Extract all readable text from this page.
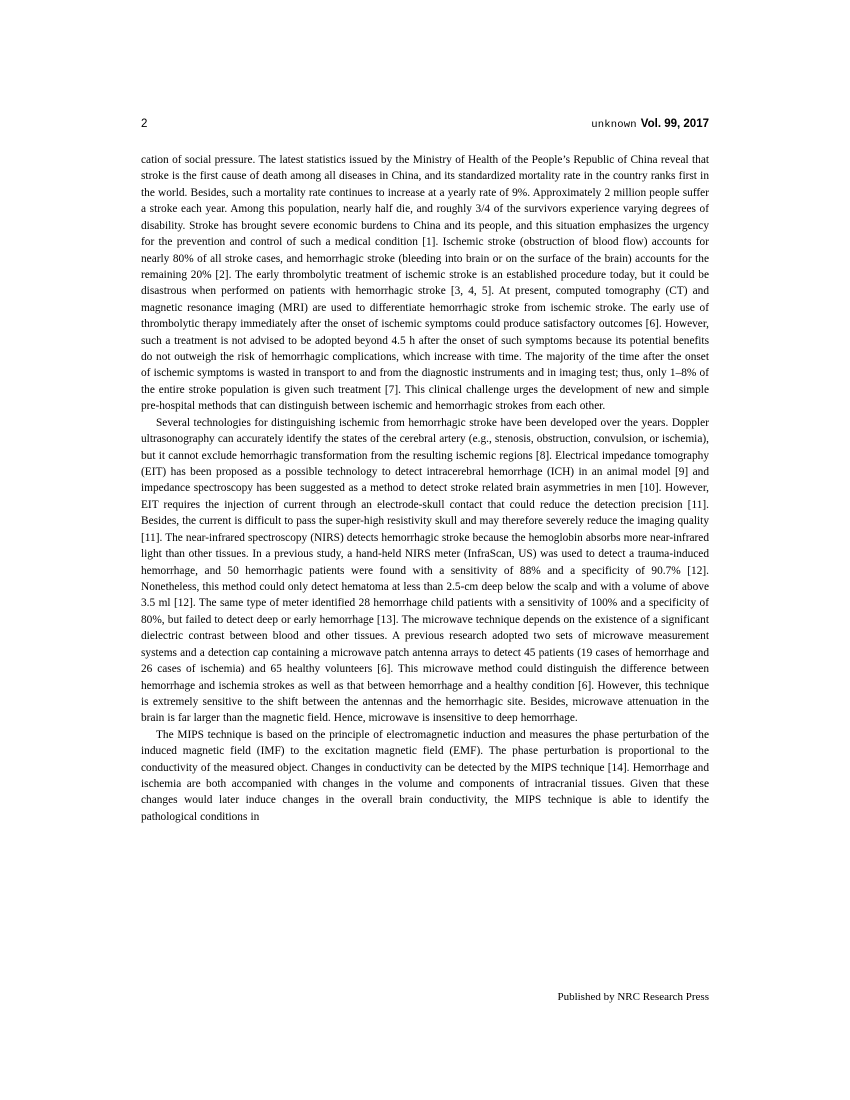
2	unknown Vol. 99, 2017

cation of social pressure. The latest statistics issued by the Ministry of Health of the People’s Republic of China reveal that stroke is the first cause of death among all diseases in China, and its standardized mortality rate in the country ranks first in the world. Besides, such a mortality rate continues to increase at a yearly rate of 9%. Approximately 2 million people suffer a stroke each year. Among this population, nearly half die, and roughly 3/4 of the survivors experience varying degrees of disability. Stroke has brought severe economic burdens to China and its people, and this situation emphasizes the urgency for the prevention and control of such a medical condition [1]. Ischemic stroke (obstruction of blood flow) accounts for nearly 80% of all stroke cases, and hemorrhagic stroke (bleeding into brain or on the surface of the brain) accounts for the remaining 20% [2]. The early thrombolytic treatment of ischemic stroke is an established procedure today, but it could be disastrous when performed on patients with hemorrhagic stroke [3, 4, 5]. At present, computed tomography (CT) and magnetic resonance imaging (MRI) are used to differentiate hemorrhagic stroke from ischemic stroke. The early use of thrombolytic therapy immediately after the onset of ischemic symptoms could produce satisfactory outcomes [6]. However, such a treatment is not advised to be adopted beyond 4.5 h after the onset of such symptoms because its potential benefits do not outweigh the risk of hemorrhagic complications, which increase with time. The majority of the time after the onset of ischemic symptoms is wasted in transport to and from the diagnostic instruments and in imaging test; thus, only 1–8% of the entire stroke population is given such treatment [7]. This clinical challenge urges the development of new and simple pre-hospital methods that can distinguish between ischemic and hemorrhagic strokes from each other.

Several technologies for distinguishing ischemic from hemorrhagic stroke have been developed over the years. Doppler ultrasonography can accurately identify the states of the cerebral artery (e.g., stenosis, obstruction, convulsion, or ischemia), but it cannot exclude hemorrhagic transformation from the resulting ischemic regions [8]. Electrical impedance tomography (EIT) has been proposed as a possible technology to detect intracerebral hemorrhage (ICH) in an animal model [9] and impedance spectroscopy has been suggested as a method to detect stroke related brain asymmetries in men [10]. However, EIT requires the injection of current through an electrode-skull contact that could reduce the detection precision [11]. Besides, the current is difficult to pass the super-high resistivity skull and may therefore severely reduce the imaging quality [11]. The near-infrared spectroscopy (NIRS) detects hemorrhagic stroke because the hemoglobin absorbs more near-infrared light than other tissues. In a previous study, a hand-held NIRS meter (InfraScan, US) was used to detect a trauma-induced hemorrhage, and 50 hemorrhagic patients were found with a sensitivity of 88% and a specificity of 90.7% [12]. Nonetheless, this method could only detect hematoma at less than 2.5-cm deep below the scalp and with a volume of above 3.5 ml [12]. The same type of meter identified 28 hemorrhage child patients with a sensitivity of 100% and a specificity of 80%, but failed to detect deep or early hemorrhage [13]. The microwave technique depends on the existence of a significant dielectric contrast between blood and other tissues. A previous research adopted two sets of microwave measurement systems and a detection cap containing a microwave patch antenna arrays to detect 45 patients (19 cases of hemorrhage and 26 cases of ischemia) and 65 healthy volunteers [6]. This microwave method could distinguish the difference between hemorrhage and ischemia strokes as well as that between hemorrhage and a healthy condition [6]. However, this technique is extremely sensitive to the shift between the antennas and the hemorrhagic site. Besides, microwave attenuation in the brain is far larger than the magnetic field. Hence, microwave is insensitive to deep hemorrhage.

The MIPS technique is based on the principle of electromagnetic induction and measures the phase perturbation of the induced magnetic field (IMF) to the excitation magnetic field (EMF). The phase perturbation is proportional to the conductivity of the measured object. Changes in conductivity can be detected by the MIPS technique [14]. Hemorrhage and ischemia are both accompanied with changes in the volume and components of intracranial tissues. Given that these changes would later induce changes in the overall brain conductivity, the MIPS technique is able to identify the pathological conditions in

Published by NRC Research Press
